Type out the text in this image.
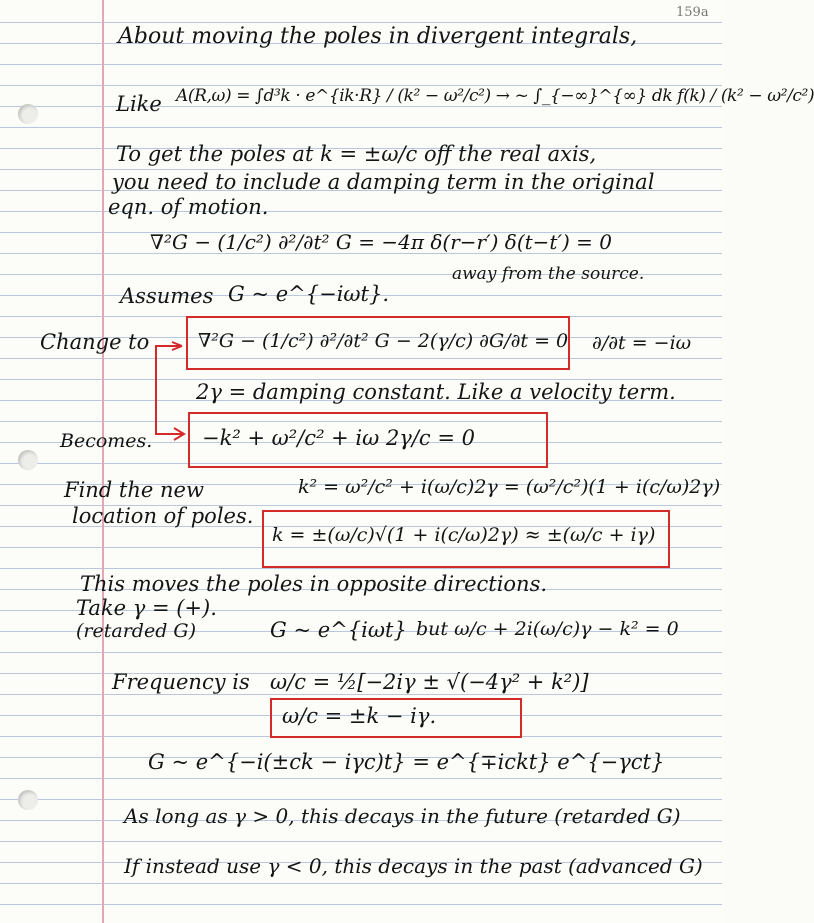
159a
About moving the poles in divergent integrals,
Like A(R,ω) = ∫d³k · e^{ik·R} / (k² − ω²/c²) → ~ ∫_{−∞}^{∞} dk f(k) / (k² − ω²/c²)
To get the poles at k = ±ω/c off the real axis,
you need to include a damping term in the original
eqn. of motion.
∇²G − (1/c²) ∂²/∂t² G = −4π δ(r−r′) δ(t−t′) = 0
Assumes G ~ e^{−iωt}.
away from the source.
Change to	∇²G − (1/c²) ∂²/∂t² G − 2(γ/c) ∂G/∂t = 0 ∂/∂t = −iω
2γ = damping constant. Like a velocity term.
Becomes. −k² + ω²/c² + iω 2γ/c = 0
Find the new
location of poles.
k² = ω²/c² + i(ω/c)2γ = (ω²/c²)(1 + i(c/ω)2γ)
k = ±(ω/c)√(1 + i(c/ω)2γ) ≈ ±(ω/c + iγ)
This moves the poles in opposite directions.
Take γ = (+).
(retarded G)	G ~ e^{iωt} but ω/c + 2i(ω/c)γ − k² = 0
Frequency is ω/c = ½[−2iγ ± √(−4γ² + k²)]
ω/c = ±k − iγ.
G ~ e^{−i(±ck − iγc)t} = e^{∓ickt} e^{−γct}
As long as γ > 0, this decays in the future (retarded G)
If instead use γ < 0, this decays in the past (advanced G)
